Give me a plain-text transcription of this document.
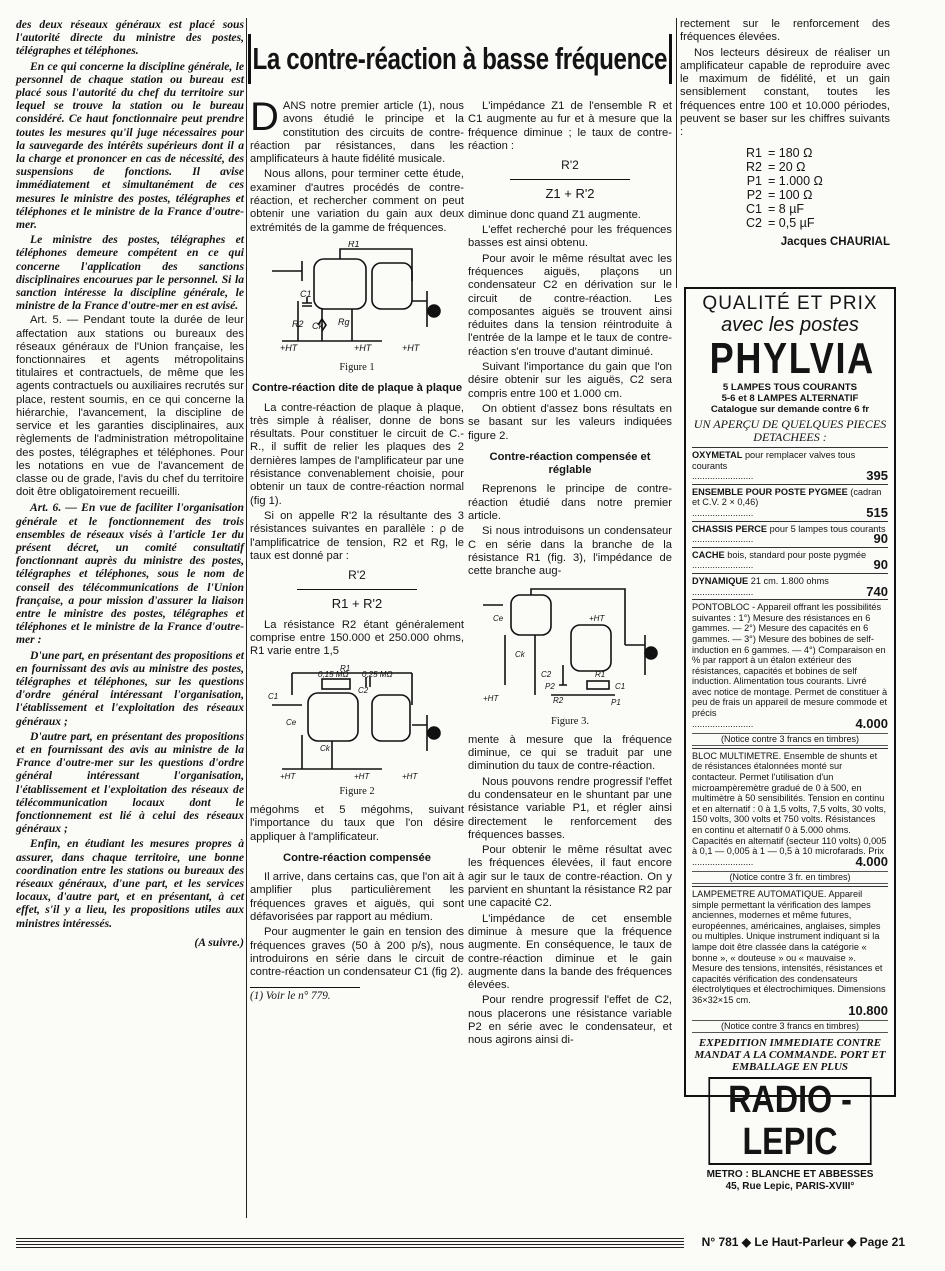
des deux réseaux généraux est placé sous l'autorité directe du ministre des postes, télégraphes et téléphones.

En ce qui concerne la discipline générale, le personnel de chaque station ou bureau est placé sous l'autorité du chef du territoire sur lequel se trouve la station ou le bureau considéré. Ce haut fonctionnaire peut prendre toutes les mesures qu'il juge nécessaires pour la sauvegarde des intérêts supérieurs dont il a la charge et prononcer en cas de nécessité, des suspensions de fonctions. Il avise immédiatement et simultanément de ces mesures le ministre des postes, télégraphes et téléphones et le ministre de la France d'outre-mer.

Le ministre des postes, télégraphes et téléphones demeure compétent en ce qui concerne l'application des sanctions disciplinaires encourues par le personnel. Si la sanction intéresse la discipline générale, le ministre de la France d'outre-mer en est avisé.

Art. 5. — Pendant toute la durée de leur affectation aux stations ou bureaux des réseaux généraux de l'Union française, les fonctionnaires et agents métropolitains titulaires et contractuels, de même que les agents contractuels ou auxiliaires recrutés sur place, restent soumis, en ce qui concerne la hiérarchie, l'avancement, la discipline de service et les garanties disciplinaires, aux règlements de l'administration métropolitaine des postes, télégraphes et téléphones. Pour les notations en vue de l'avancement de classe ou de grade, l'avis du chef du territoire doit être obligatoirement recueilli.

Art. 6. — En vue de faciliter l'organisation générale et le fonctionnement des trois ensembles de réseaux visés à l'article 1er du présent décret, un comité consultatif fonctionnant auprès du ministre des postes, télégraphes et téléphones, sous le nom de conseil des télécommunications de l'Union française, a pour mission d'assurer la liaison entre le ministre des postes, télégraphes et téléphones et le ministre de la France d'outre-mer :

D'une part, en présentant des propositions et en fournissant des avis au ministre des postes, télégraphes et téléphones, sur les questions d'ordre général intéressant l'organisation, l'établissement et l'exploitation des réseaux généraux ;

D'autre part, en présentant des propositions et en fournissant des avis au ministre de la France d'outre-mer sur les questions d'ordre général intéressant l'organisation, l'établissement et l'exploitation des réseaux de télécommunication locaux dont le fonctionnement est lié à celui des réseaux généraux ;

Enfin, en étudiant les mesures propres à assurer, dans chaque territoire, une bonne coordination entre les stations ou bureaux des réseaux généraux, d'une part, et les services locaux, d'autre part, et en présentant, à cet effet, s'il y a lieu, les propositions utiles aux ministres intéressés.

(A suivre.)
La contre-réaction à basse fréquence

DANS notre premier article (1), nous avons étudié le principe et la constitution des circuits de contre-réaction par résistances, dans les amplificateurs à haute fidélité musicale.

Nous allons, pour terminer cette étude, examiner d'autres procédés de contre-réaction, et rechercher comment on peut obtenir une variation du gain aux deux extrémités de la gamme de fréquences.

R1
C1
R2 Ck Rg
+HT	+HT	+HT
Figure 1
Contre-réaction dite de plaque à plaque

La contre-réaction de plaque à plaque, très simple à réaliser, donne de bons résultats. Pour constituer le circuit de C.-R., il suffit de relier les plaques des 2 dernières lampes de l'amplificateur par une résistance convenablement choisie, pour obtenir un taux de contre-réaction normal (fig 1).

Si on appelle R'2 la résultante des 3 résistances suivantes en parallèle : ρ de l'amplificatrice de tension, R2 et Rg, le taux est donné par :

R'2
R1 + R'2

La résistance R2 étant généralement comprise entre 150.000 et 250.000 ohms, R1 varie entre 1,5

R1
0,15 MΩ 0,25 MΩ
C2
C1
Ce
Ck
+HT	+HT	+HT
Figure 2

mégohms et 5 mégohms, suivant l'importance du taux que l'on désire appliquer à l'amplificateur.

Contre-réaction compensée

Il arrive, dans certains cas, que l'on ait à amplifier plus particulièrement les fréquences graves et aiguës, qui sont défavorisées par rapport au médium.

Pour augmenter le gain en tension des fréquences graves (50 à 200 p/s), nous introduirons en série dans le circuit de contre-réaction un condensateur C1 (fig 2).

(1) Voir le n° 779.

L'impédance Z1 de l'ensemble R et C1 augmente au fur et à mesure que la fréquence diminue ; le taux de contre-réaction :

R'2
Z1 + R'2

diminue donc quand Z1 augmente.

L'effet recherché pour les fréquences basses est ainsi obtenu.

Pour avoir le même résultat avec les fréquences aiguës, plaçons un condensateur C2 en dérivation sur le circuit de contre-réaction. Les composantes aiguës se trouvent ainsi réduites dans la tension réintroduite à l'entrée de la lampe et le taux de contre-réaction s'en trouve d'autant diminué.

Suivant l'importance du gain que l'on désire obtenir sur les aiguës, C2 sera compris entre 100 et 1.000 cm.

On obtient d'assez bons résultats en se basant sur les valeurs indiquées figure 2.

Contre-réaction compensée et réglable

Reprenons le principe de contre-réaction étudié dans notre premier article.

Si nous introduisons un condensateur C en série dans la branche de la résistance R1 (fig. 3), l'impédance de cette branche aug-

Ce
Ck
+HT
C2
P2
R2
R1
C1
P1
+HT
Figure 3.

mente à mesure que la fréquence diminue, ce qui se traduit par une diminution du taux de contre-réaction.

Nous pouvons rendre progressif l'effet du condensateur en le shuntant par une résistance variable P1, et régler ainsi directement le renforcement des fréquences basses.

Pour obtenir le même résultat avec les fréquences élevées, il faut encore agir sur le taux de contre-réaction. On y parvient en shuntant la résistance R2 par une capacité C2.

L'impédance de cet ensemble diminue à mesure que la fréquence augmente. En conséquence, le taux de contre-réaction diminue et le gain augmente dans la bande des fréquences élevées.

Pour rendre progressif l'effet de C2, nous placerons une résistance variable P2 en série avec le condensateur, et nous agirons ainsi di-

rectement sur le renforcement des fréquences élevées.

Nos lecteurs désireux de réaliser un amplificateur capable de reproduire avec le maximum de fidélité, et un gain sensiblement constant, toutes les fréquences entre 100 et 10.000 périodes, peuvent se baser sur les chiffres suivants :

R1 = 180 Ω
R2 = 20 Ω
P1 = 1.000 Ω
P2 = 100 Ω
C1 = 8 µF
C2 = 0,5 µF
Jacques CHAURIAL
QUALITÉ ET PRIX
avec les postes
PHYLVIA
5 LAMPES TOUS COURANTS
5-6 et 8 LAMPES ALTERNATIF
Catalogue sur demande contre 6 fr
UN APERÇU DE QUELQUES PIECES DETACHEES :
OXYMETAL pour remplacer valves tous courants
........................	395
ENSEMBLE POUR POSTE PYGMEE (cadran et C.V. 2 × 0,46)
........................	515
CHASSIS PERCE pour 5 lampes tous courants
........................	90
CACHE bois, standard pour poste pygmée
........................	90
DYNAMIQUE 21 cm. 1.800 ohms
........................	740
PONTOBLOC - Appareil offrant les possibilités suivantes : 1°) Mesure des résistances en 6 gammes. — 2°) Mesure des capacités en 6 gammes. — 3°) Mesure des bobines de self-induction en 6 gammes. — 4°) Comparaison en % par rapport à un étalon extérieur des résistances, capacités et bobines de self induction. Alimentation tous courants. Livré avec notice de montage. Permet de constituer à peu de frais un appareil de mesure commode et précis
........................	4.000
(Notice contre 3 francs en timbres)
BLOC MULTIMETRE. Ensemble de shunts et de résistances étalonnées monté sur contacteur. Permet l'utilisation d'un microampèremètre gradué de 0 à 500, en multimètre à 50 sensibilités. Tension en continu et en alternatif : 0 à 1,5 volts, 7,5 volts, 30 volts, 150 volts, 300 volts et 750 volts. Résistances en continu et alternatif 0 à 5.000 ohms. Capacités en alternatif (secteur 110 volts) 0,005 à 0,1 — 0,005 à 1 — 0,5 à 10 microfarads. Prix
........................	4.000
(Notice contre 3 fr. en timbres)
LAMPEMETRE AUTOMATIQUE. Appareil simple permettant la vérification des lampes anciennes, modernes et même futures, européennes, américaines, anglaises, simples ou multiples. Unique instrument indiquant si la lampe doit être classée dans la catégorie « bonne », « douteuse » ou « mauvaise ». Mesure des tensions, intensités, résistances et capacités vérification des condensateurs électrolytiques et électrochimiques. Dimensions 36×32×15 cm.
10.800
(Notice contre 3 francs en timbres)
EXPEDITION IMMEDIATE CONTRE MANDAT A LA COMMANDE. PORT ET EMBALLAGE EN PLUS
RADIO - LEPIC
METRO : BLANCHE ET ABBESSES
45, Rue Lepic, PARIS-XVIII°
N° 781 ◆ Le Haut-Parleur ◆ Page 21
